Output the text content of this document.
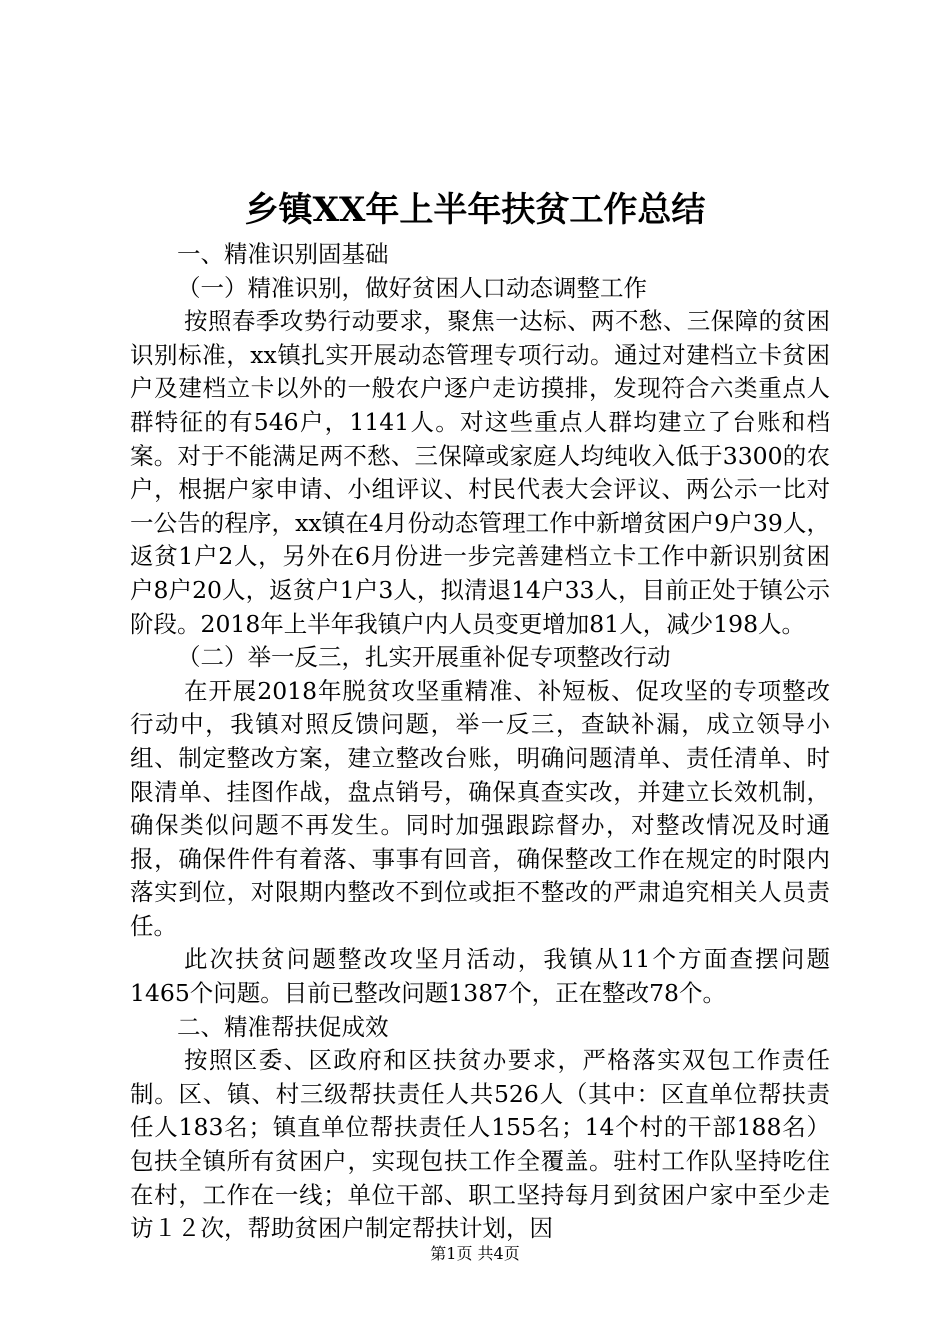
乡镇XX年上半年扶贫工作总结

一、精准识别固基础

（一）精准识别，做好贫困人口动态调整工作

按照春季攻势行动要求，聚焦一达标、两不愁、三保障的贫困识别标准，xx镇扎实开展动态管理专项行动。通过对建档立卡贫困户及建档立卡以外的一般农户逐户走访摸排，发现符合六类重点人群特征的有546户，1141人。对这些重点人群均建立了台账和档案。对于不能满足两不愁、三保障或家庭人均纯收入低于3300的农户，根据户家申请、小组评议、村民代表大会评议、两公示一比对一公告的程序，xx镇在4月份动态管理工作中新增贫困户9户39人，返贫1户2人，另外在6月份进一步完善建档立卡工作中新识别贫困户8户20人，返贫户1户3人，拟清退14户33人，目前正处于镇公示阶段。2018年上半年我镇户内人员变更增加81人，减少198人。

（二）举一反三，扎实开展重补促专项整改行动

在开展2018年脱贫攻坚重精准、补短板、促攻坚的专项整改行动中，我镇对照反馈问题，举一反三，查缺补漏，成立领导小组、制定整改方案，建立整改台账，明确问题清单、责任清单、时限清单、挂图作战，盘点销号，确保真查实改，并建立长效机制，确保类似问题不再发生。同时加强跟踪督办，对整改情况及时通报，确保件件有着落、事事有回音，确保整改工作在规定的时限内落实到位，对限期内整改不到位或拒不整改的严肃追究相关人员责任。

此次扶贫问题整改攻坚月活动，我镇从11个方面查摆问题1465个问题。目前已整改问题1387个，正在整改78个。

二、精准帮扶促成效

按照区委、区政府和区扶贫办要求，严格落实双包工作责任制。区、镇、村三级帮扶责任人共526人（其中：区直单位帮扶责任人183名；镇直单位帮扶责任人155名；14个村的干部188名）包扶全镇所有贫困户，实现包扶工作全覆盖。驻村工作队坚持吃住在村，工作在一线；单位干部、职工坚持每月到贫困户家中至少走访１２次，帮助贫困户制定帮扶计划，因

第1页 共4页
